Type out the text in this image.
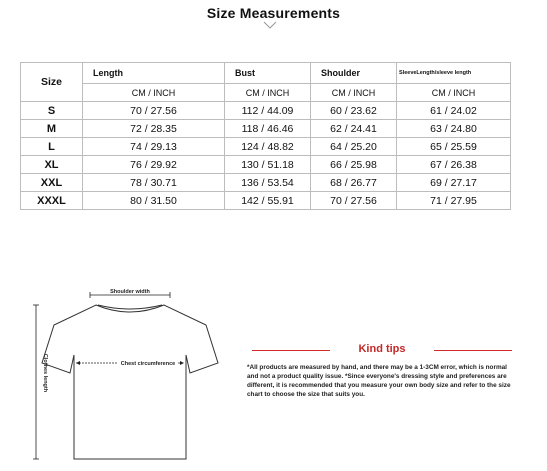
Size Measurements
Size	Length	Bust	Shoulder	SleeveLength/sleeve length
	CM / INCH	CM / INCH	CM / INCH	CM / INCH
S	70 / 27.56	112 / 44.09	60 / 23.62	61 / 24.02
M	72 / 28.35	118 / 46.46	62 / 24.41	63 / 24.80
L	74 / 29.13	124 / 48.82	64 / 25.20	65 / 25.59
XL	76 / 29.92	130 / 51.18	66 / 25.98	67 / 26.38
XXL	78 / 30.71	136 / 53.54	68 / 26.77	69 / 27.17
XXXL	80 / 31.50	142 / 55.91	70 / 27.56	71 / 27.95
Shoulder width
Chest circumference
Clothes length
Kind tips
*All products are measured by hand, and there may be a 1-3CM error, which is normal and not a product quality issue. *Since everyone's dressing style and preferences are different, it is recommended that you measure your own body size and refer to the size chart to choose the size that suits you.
